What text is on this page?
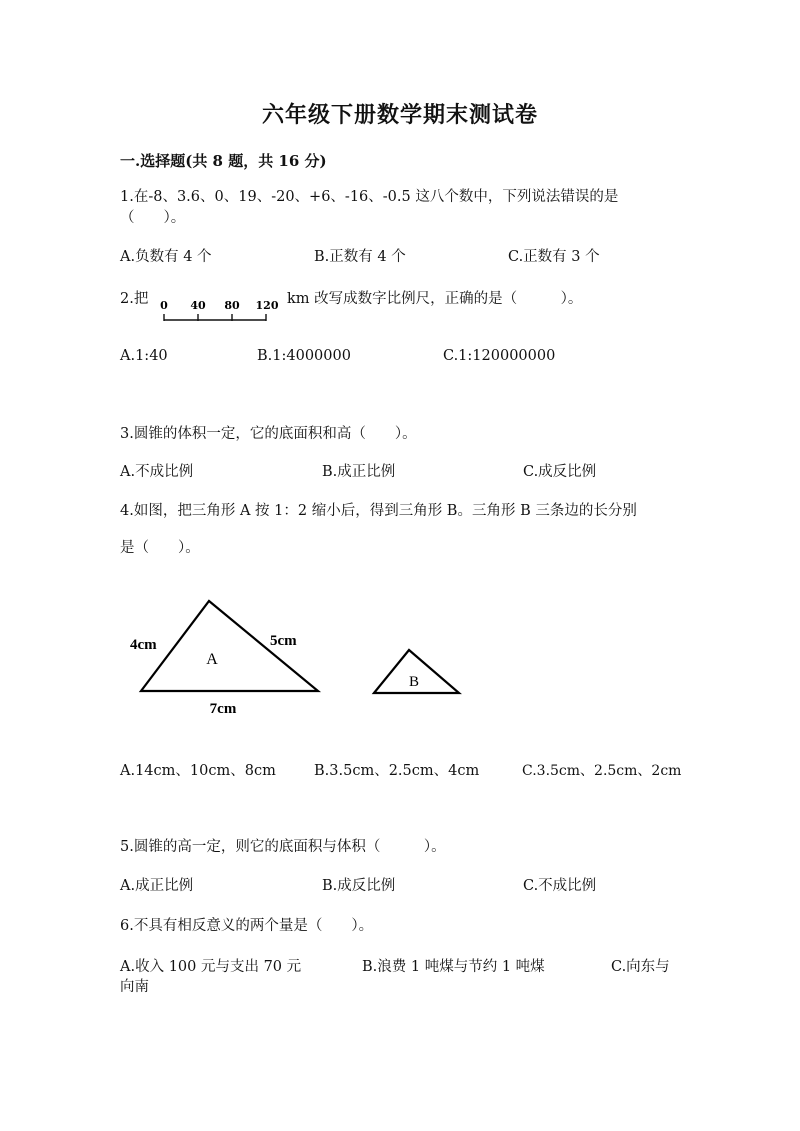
六年级下册数学期末测试卷
一.选择题(共 8 题，共 16 分)
1.在-8、3.6、0、19、-20、+6、-16、-0.5 这八个数中，下列说法错误的是
（　　）。
A.负数有 4 个	B.正数有 4 个	C.正数有 3 个
2.把 0 40 80 120 km 改写成数字比例尺，正确的是（　　　）。
A.1:40	B.1:4000000	C.1:120000000
3.圆锥的体积一定，它的底面积和高（　　）。
A.不成比例	B.成正比例	C.成反比例
4.如图，把三角形 A 按 1：2 缩小后，得到三角形 B。三角形 B 三条边的长分别
是（　　）。
A
B
4cm	5cm
7cm
A.14cm、10cm、8cm	B.3.5cm、2.5cm、4cm	C.3.5cm、2.5cm、2cm
5.圆锥的高一定，则它的底面积与体积（　　　）。
A.成正比例	B.成反比例	C.不成比例
6.不具有相反意义的两个量是（　　）。
A.收入 100 元与支出 70 元	B.浪费 1 吨煤与节约 1 吨煤	C.向东与
向南
